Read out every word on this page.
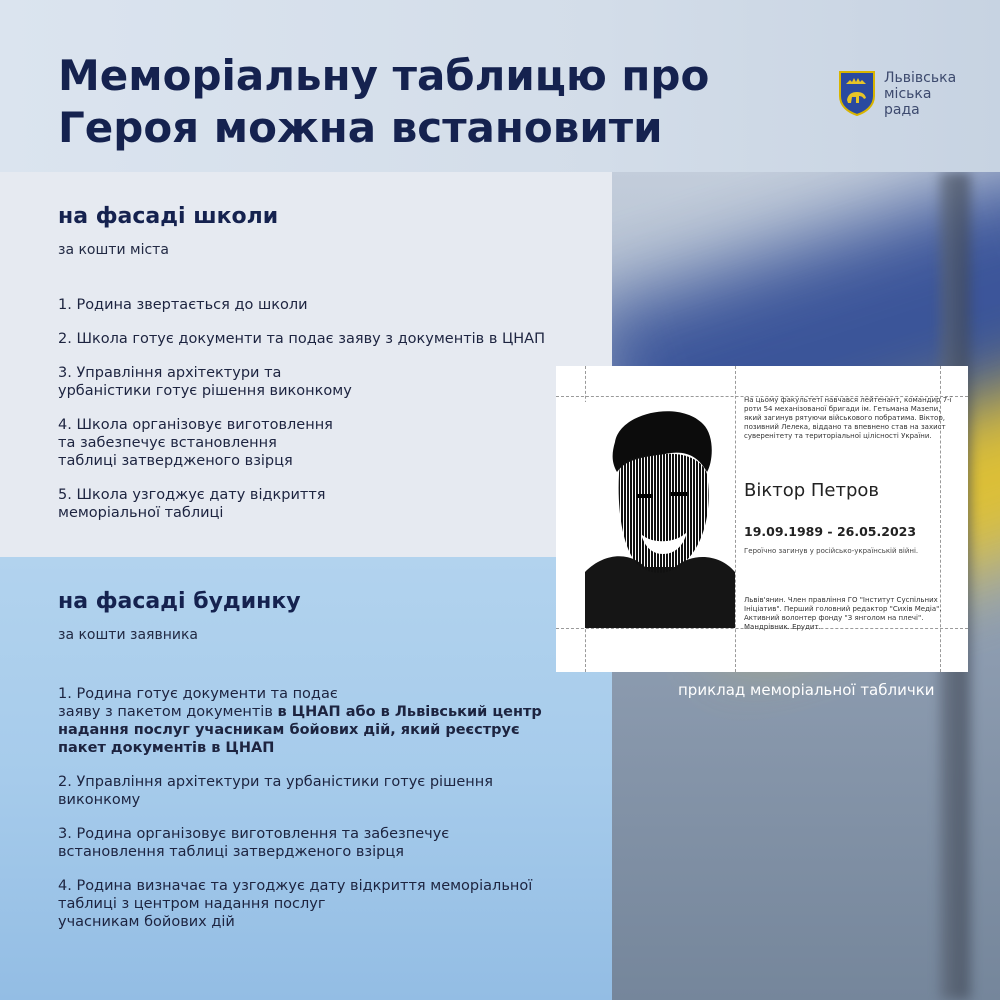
Меморіальну таблицю про
Героя можна встановити
Львівська
міська
рада
на фасаді школи

за кошти міста

1. Родина звертається до школи
2. Школа готує документи та подає заяву з документів в ЦНАП
3. Управління архітектури та
урбаністики готує рішення виконкому
4. Школа організовує виготовлення
та забезпечує встановлення
таблиці затвердженого взірця
5. Школа узгоджує дату відкриття
меморіальної таблиці
на фасаді будинку

за кошти заявника

1. Родина готує документи та подає
заяву з пакетом документів в ЦНАП або в Львівський центр
надання послуг учасникам бойових дій, який реєструє
пакет документів в ЦНАП
2. Управління архітектури та урбаністики готує рішення
виконкому
3. Родина організовує виготовлення та забезпечує
встановлення таблиці затвердженого взірця
4. Родина визначає та узгоджує дату відкриття меморіальної
таблиці з центром надання послуг
учасникам бойових дій
На цьому факультеті навчався лейтенант, командир 7-ї
роти 54 механізованої бригади ім. Гетьмана Мазепи,
який загинув рятуючи військового побратима. Віктор,
позивний Лелека, віддано та впевнено став на захист
суверенітету та територіальної цілісності України.
Віктор Петров
19.09.1989 - 26.05.2023
Героїчно загинув у російсько-українській війні.
Львів'янин. Член правління ГО "Інститут Суспільних
Ініціатив". Перший головний редактор "Сихів Медіа".
Активний волонтер фонду "З янголом на плечі".
Мандрівник. Ерудит.
приклад меморіальної таблички
